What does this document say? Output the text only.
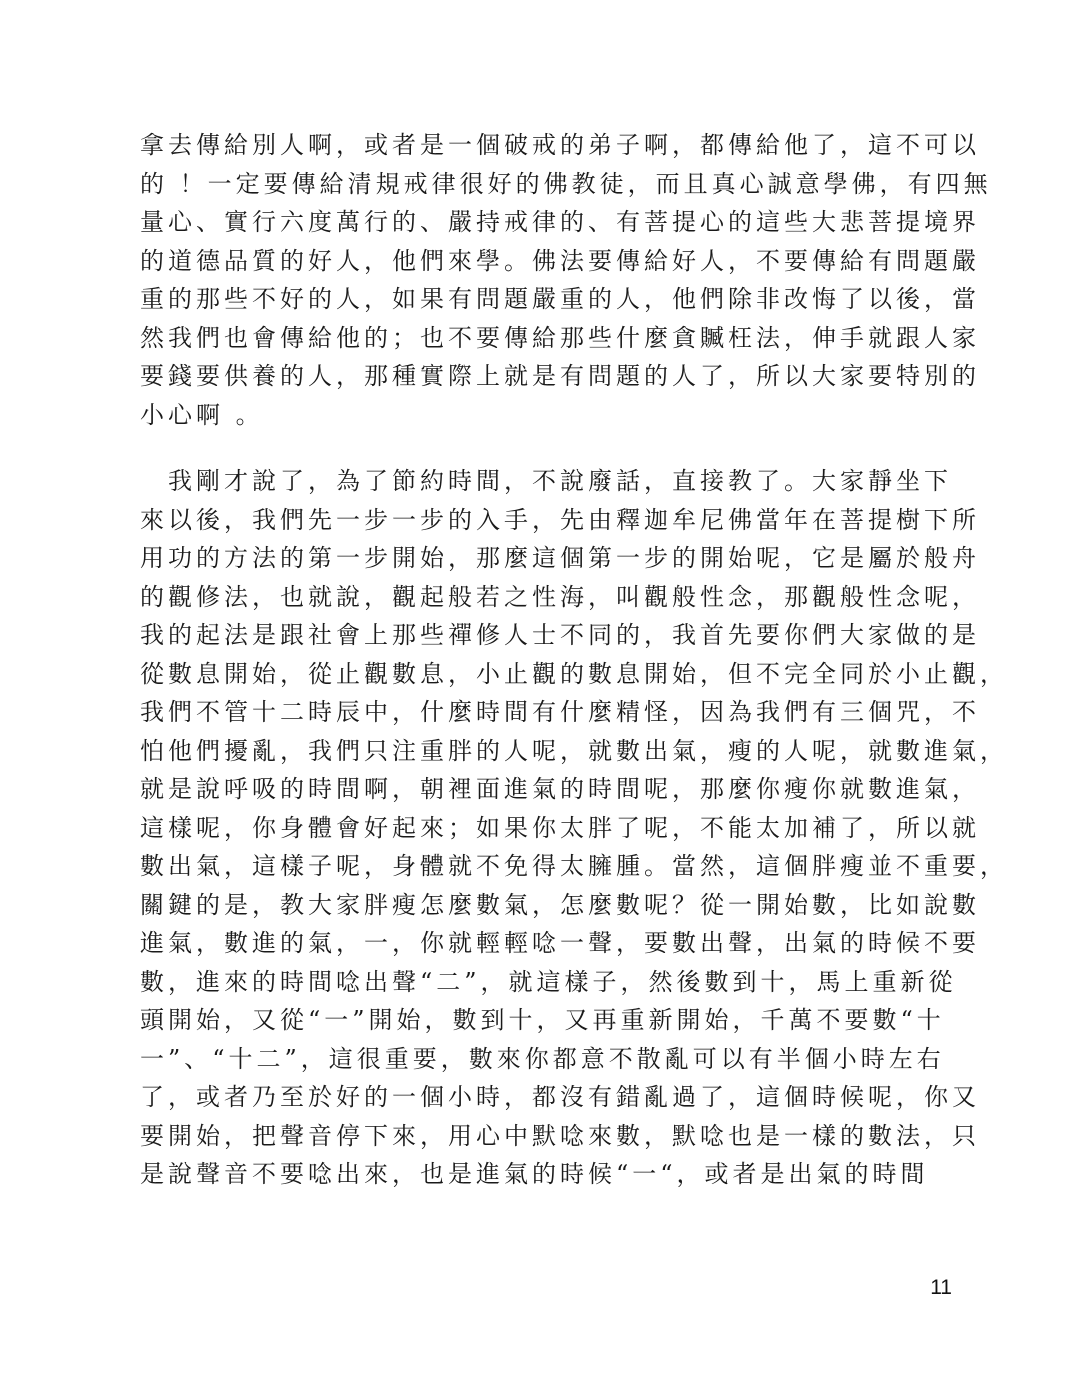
拿去傳給別人啊，或者是一個破戒的弟子啊，都傳給他了，這不可以
的 ！一定要傳給清規戒律很好的佛教徒，而且真心誠意學佛，有四無
量心、實行六度萬行的、嚴持戒律的、有菩提心的這些大悲菩提境界
的道德品質的好人，他們來學。佛法要傳給好人，不要傳給有問題嚴
重的那些不好的人，如果有問題嚴重的人，他們除非改悔了以後，當
然我們也會傳給他的；也不要傳給那些什麼貪贓枉法，伸手就跟人家
要錢要供養的人，那種實際上就是有問題的人了，所以大家要特別的
小心啊 。
　我剛才說了，為了節約時間，不說廢話，直接教了。大家靜坐下
來以後，我們先一步一步的入手，先由釋迦牟尼佛當年在菩提樹下所
用功的方法的第一步開始，那麼這個第一步的開始呢，它是屬於般舟
的觀修法，也就說，觀起般若之性海，叫觀般性念，那觀般性念呢，
我的起法是跟社會上那些禪修人士不同的，我首先要你們大家做的是
從數息開始，從止觀數息，小止觀的數息開始，但不完全同於小止觀，
我們不管十二時辰中，什麼時間有什麼精怪，因為我們有三個咒，不
怕他們擾亂，我們只注重胖的人呢，就數出氣，瘦的人呢，就數進氣，
就是說呼吸的時間啊，朝裡面進氣的時間呢，那麼你瘦你就數進氣，
這樣呢，你身體會好起來；如果你太胖了呢，不能太加補了，所以就
數出氣，這樣子呢，身體就不免得太臃腫。當然，這個胖瘦並不重要，
關鍵的是，教大家胖瘦怎麼數氣，怎麼數呢？從一開始數，比如說數
進氣，數進的氣，一，你就輕輕唸一聲，要數出聲，出氣的時候不要
數，進來的時間唸出聲“二”，就這樣子，然後數到十，馬上重新從
頭開始，又從“一”開始，數到十，又再重新開始，千萬不要數“十
一”、“十二”，這很重要，數來你都意不散亂可以有半個小時左右
了，或者乃至於好的一個小時，都沒有錯亂過了，這個時候呢，你又
要開始，把聲音停下來，用心中默唸來數，默唸也是一樣的數法，只
是說聲音不要唸出來，也是進氣的時候“一“，或者是出氣的時間
11
